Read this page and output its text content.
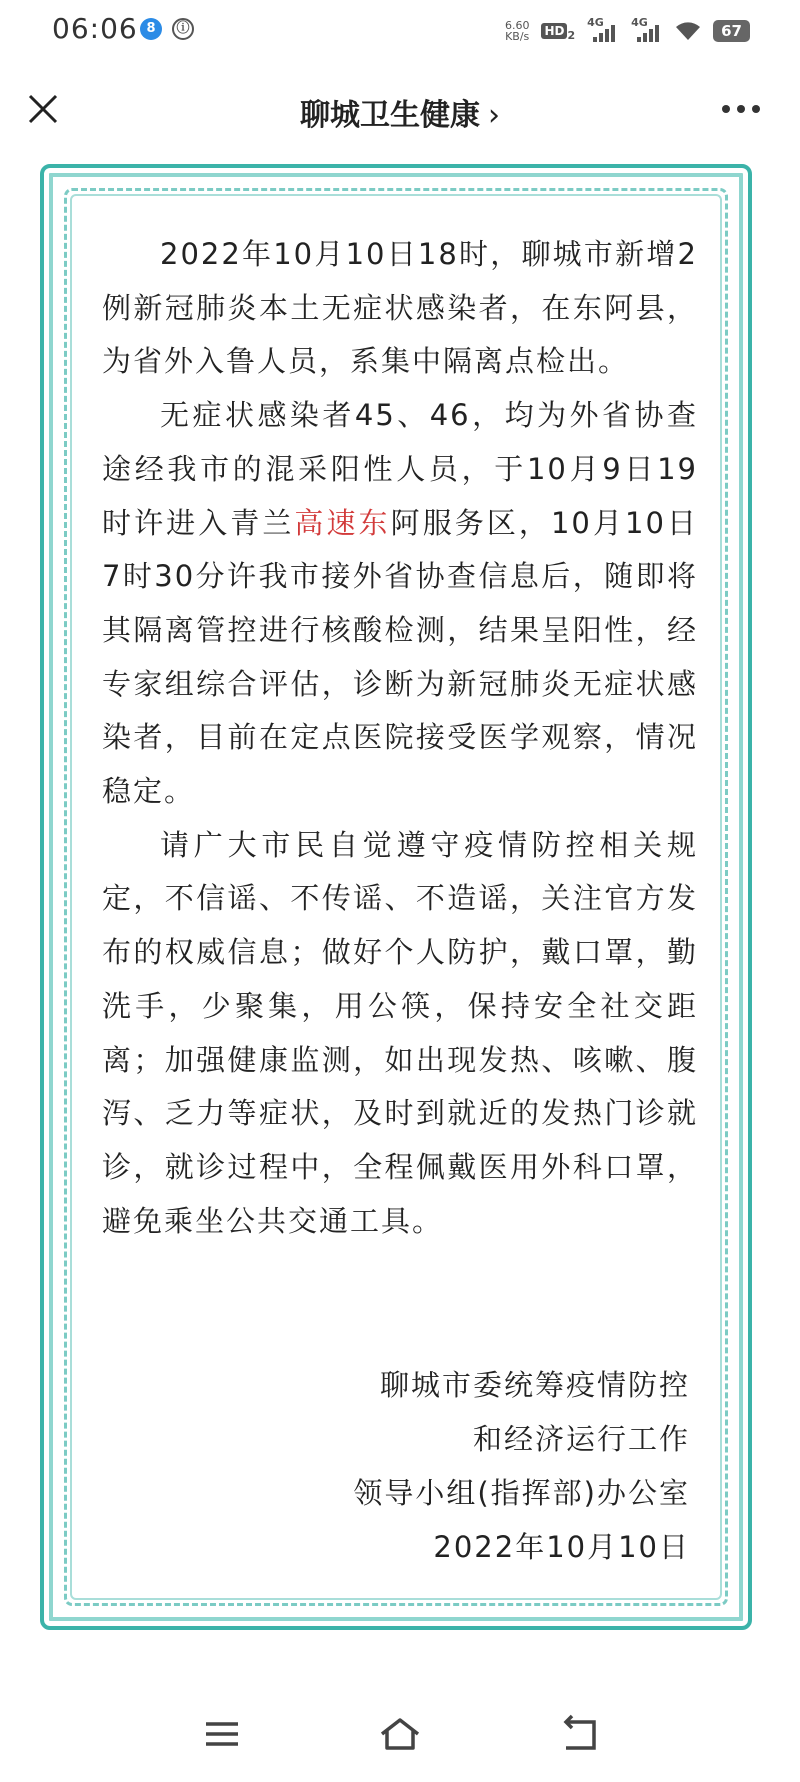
06:06 8	ⓘ	6.60
KB/s HD $_2$
4G 4G	67
聊城卫生健康 ›

2022年10月10日18时，聊城市新增2例新冠肺炎本土无症状感染者，在东阿县，为省外入鲁人员，系集中隔离点检出。

无症状感染者45、46，均为外省协查途经我市的混采阳性人员，于10月9日19时许进入青兰高速东阿服务区，10月10日7时30分许我市接外省协查信息后，随即将其隔离管控进行核酸检测，结果呈阳性，经专家组综合评估，诊断为新冠肺炎无症状感染者，目前在定点医院接受医学观察，情况稳定。

请广大市民自觉遵守疫情防控相关规定，不信谣、不传谣、不造谣，关注官方发布的权威信息；做好个人防护，戴口罩，勤洗手，少聚集，用公筷，保持安全社交距离；加强健康监测，如出现发热、咳嗽、腹泻、乏力等症状，及时到就近的发热门诊就诊，就诊过程中，全程佩戴医用外科口罩，避免乘坐公共交通工具。

聊城市委统筹疫情防控
和经济运行工作
领导小组(指挥部)办公室
2022年10月10日
